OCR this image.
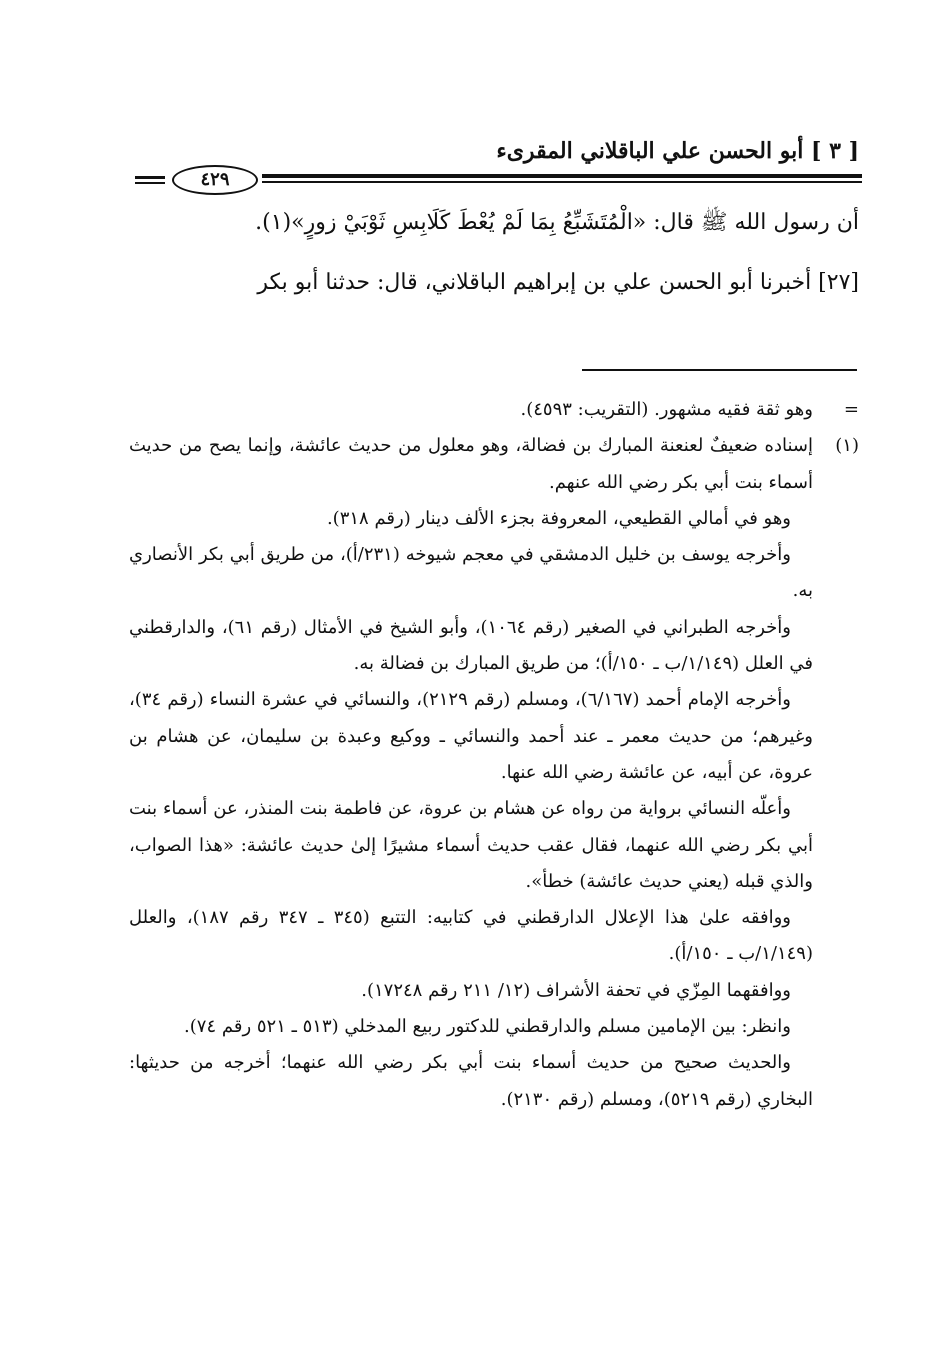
[ ٣ ] أبو الحسن علي الباقلاني المقرىء
٤٢٩

أن رسول الله ﷺ قال: «الْمُتَشَبِّعُ بِمَا لَمْ يُعْطَ كَلَابِسِ ثَوْبَيْ زورٍ»(١).

[٢٧] أخبرنا أبو الحسن علي بن إبراهيم الباقلاني، قال: حدثنا أبو بكر

=
وهو ثقة فقيه مشهور. (التقريب: ٤٥٩٣).

(١)
إسناده ضعيفٌ لعنعنة المبارك بن فضالة، وهو معلول من حديث عائشة، وإنما يصح من حديث أسماء بنت أبي بكر رضي الله عنهم.

وهو في أمالي القطيعي، المعروفة بجزء الألف دينار (رقم ٣١٨).

وأخرجه يوسف بن خليل الدمشقي في معجم شيوخه (٢٣١/أ)، من طريق أبي بكر الأنصاري به.

وأخرجه الطبراني في الصغير (رقم ١٠٦٤)، وأبو الشيخ في الأمثال (رقم ٦١)، والدارقطني في العلل (١/١٤٩/ب ـ ١٥٠/أ)؛ من طريق المبارك بن فضالة به.

وأخرجه الإمام أحمد (٦/١٦٧)، ومسلم (رقم ٢١٢٩)، والنسائي في عشرة النساء (رقم ٣٤)، وغيرهم؛ من حديث معمر ـ عند أحمد والنسائي ـ ووكيع وعبدة بن سليمان، عن هشام بن عروة، عن أبيه، عن عائشة رضي الله عنها.

وأعلّه النسائي برواية من رواه عن هشام بن عروة، عن فاطمة بنت المنذر، عن أسماء بنت أبي بكر رضي الله عنهما، فقال عقب حديث أسماء مشيرًا إلىٰ حديث عائشة: «هذا الصواب، والذي قبله (يعني حديث عائشة) خطأ».

ووافقه علىٰ هذا الإعلال الدارقطني في كتابيه: التتبع (٣٤٥ ـ ٣٤٧ رقم ١٨٧)، والعلل (١/١٤٩/ب ـ ١٥٠/أ).

ووافقهما المِزّي في تحفة الأشراف (١٢/ ٢١١ رقم ١٧٢٤٨).

وانظر: بين الإمامين مسلم والدارقطني للدكتور ربيع المدخلي (٥١٣ ـ ٥٢١ رقم ٧٤).

والحديث صحيح من حديث أسماء بنت أبي بكر رضي الله عنهما؛ أخرجه من حديثها: البخاري (رقم ٥٢١٩)، ومسلم (رقم ٢١٣٠).
